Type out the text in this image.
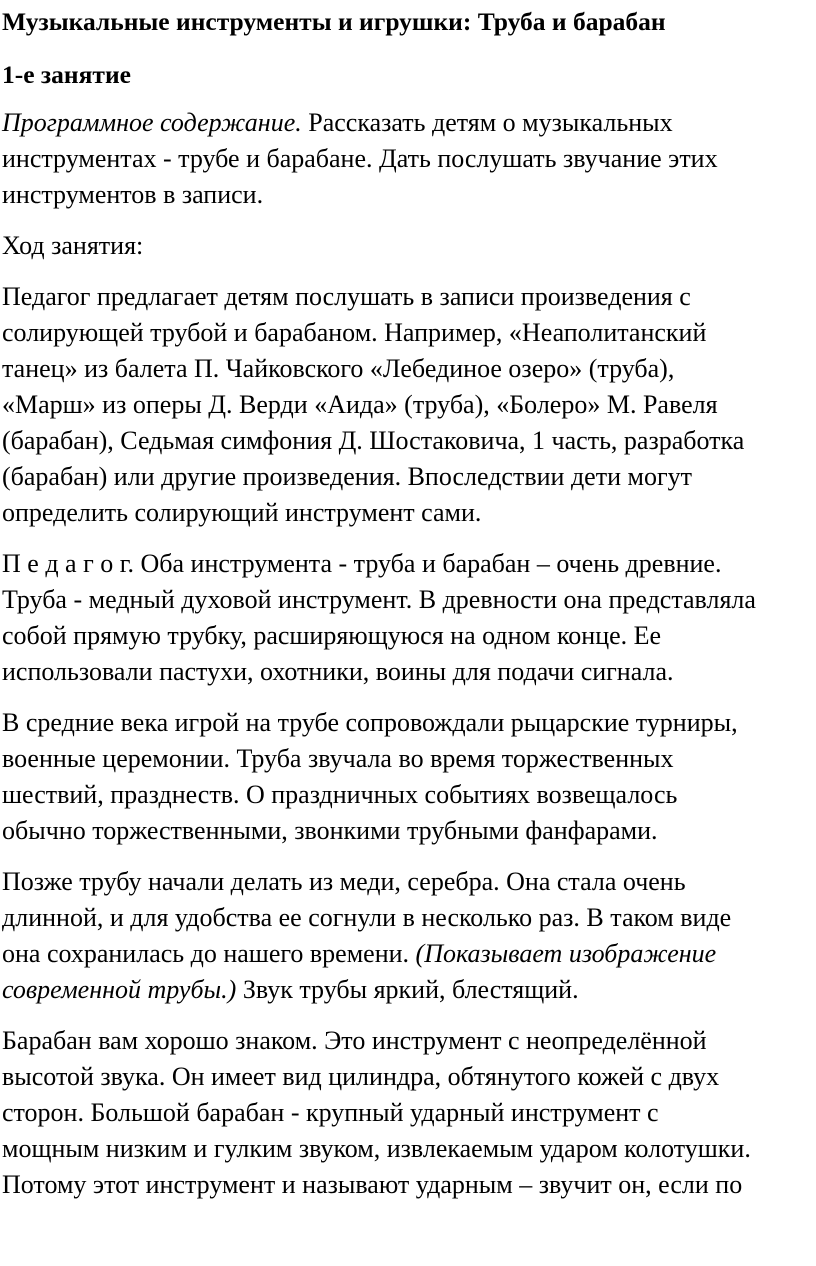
Музыкальные инструменты и игрушки: Труба и барабан
1-е занятие

Программное содержание. Рассказать детям о музыкальных
инструментах - трубе и барабане. Дать послушать звучание этих
инструментов в записи.

Ход занятия:

Педагог предлагает детям послушать в записи произведения с
солирующей трубой и барабаном. Например, «Неаполитанский
танец» из балета П. Чайковского «Лебединое озеро» (труба),
«Марш» из оперы Д. Верди «Аида» (труба), «Болеро» М. Равеля
(барабан), Седьмая симфония Д. Шостаковича, 1 часть, разработка
(барабан) или другие произведения. Впоследствии дети могут
определить солирующий инструмент сами.

П е д а г о г. Оба инструмента - труба и барабан – очень древние.
Труба - медный духовой инструмент. В древности она представляла
собой прямую трубку, расширяющуюся на одном конце. Ее
использовали пастухи, охотники, воины для подачи сигнала.

В средние века игрой на трубе сопровождали рыцарские турниры,
военные церемонии. Труба звучала во время торжественных
шествий, празднеств. О праздничных событиях возвещалось
обычно торжественными, звонкими трубными фанфарами.

Позже трубу начали делать из меди, серебра. Она стала очень
длинной, и для удобства ее согнули в несколько раз. В таком виде
она сохранилась до нашего времени. (Показывает изображение
современной трубы.) Звук трубы яркий, блестящий.

Барабан вам хорошо знаком. Это инструмент с неопределённой
высотой звука. Он имеет вид цилиндра, обтянутого кожей с двух
сторон. Большой барабан - крупный ударный инструмент с
мощным низким и гулким звуком, извлекаемым ударом колотушки.
Потому этот инструмент и называют ударным – звучит он, если по
